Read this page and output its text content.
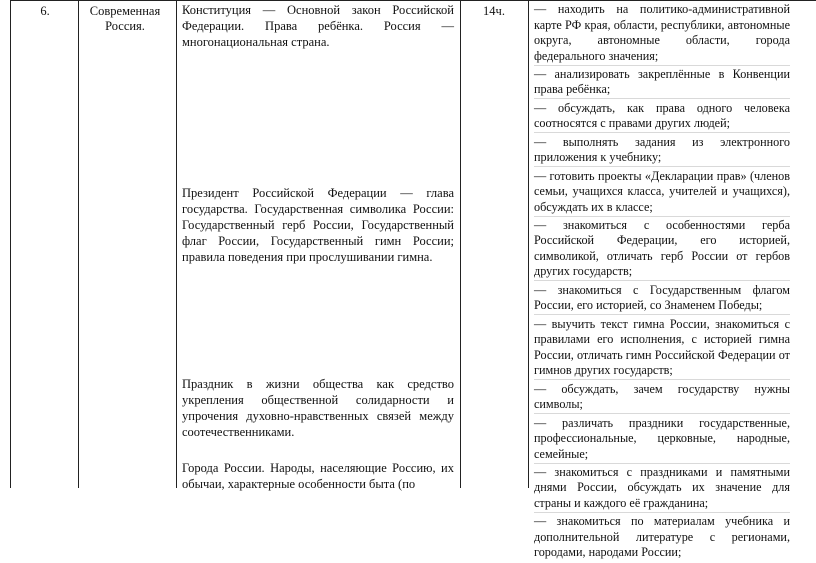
6.	Современная Россия.
Конституция — Основной закон Российской Федерации. Права ребёнка. Россия — многонациональная страна.
Президент Российской Федерации — глава государства. Государственная символика России: Государственный герб России, Государственный флаг России, Государственный гимн России; правила поведения при прослушивании гимна.
Праздник в жизни общества как средство укрепления общественной солидарности и упрочения духовно-нравственных связей между соотечественниками.
Города России. Народы, населяющие Россию, их обычаи, характерные особенности быта (по
14ч.	— находить на политико-административной карте РФ края, области, республики, автономные округа, автономные области, города федерального значения;
— анализировать закреплённые в Конвенции права ребёнка;
— обсуждать, как права одного человека соотносятся с правами других людей;
— выполнять задания из электронного приложения к учебнику;
— готовить проекты «Декларации прав» (членов семьи, учащихся класса, учителей и учащихся), обсуждать их в классе;
— знакомиться с особенностями герба Российской Федерации, его историей, символикой, отличать герб России от гербов других государств;
— знакомиться с Государственным флагом России, его историей, со Знаменем Победы;
— выучить текст гимна России, знакомиться с правилами его исполнения, с историей гимна России, отличать гимн Российской Федерации от гимнов других государств;
— обсуждать, зачем государству нужны символы;
— различать праздники государственные, профессиональные, церковные, народные, семейные;
— знакомиться с праздниками и памятными днями России, обсуждать их значение для страны и каждого её гражданина;
— знакомиться по материалам учебника и дополнительной литературе с регионами, городами, народами России;
